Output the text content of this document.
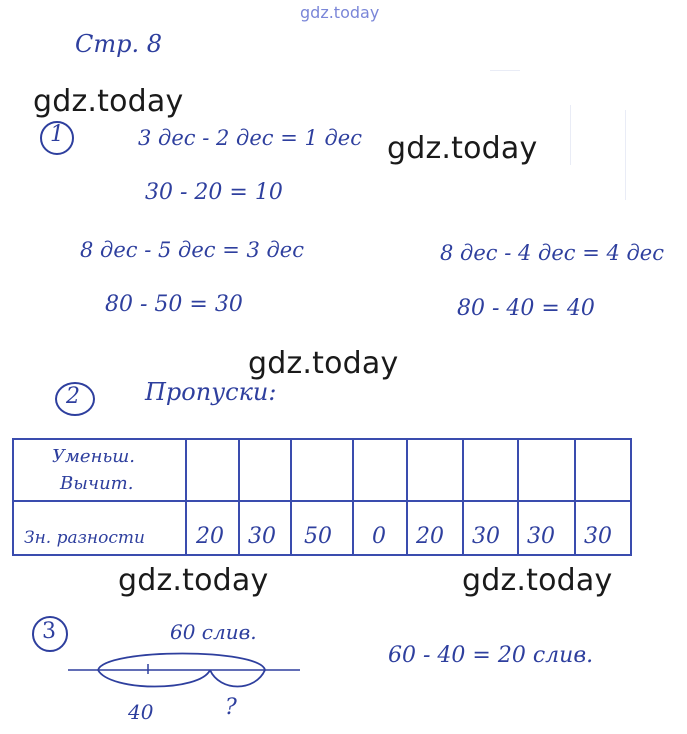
gdz.today
Стр. 8
gdz.today
gdz.today
gdz.today
gdz.today	gdz.today
1	3 дес - 2 дес = 1 дес
30 - 20 = 10
8 дес - 5 дес = 3 дес
80 - 50 = 30
8 дес - 4 дес = 4 дес
80 - 40 = 40
2	Пропуски:
Уменьш.
Вычит.
Зн. разности 20 30 50 0 20 30 30 30
3	60 слив.
40	?
60 - 40 = 20 слив.
